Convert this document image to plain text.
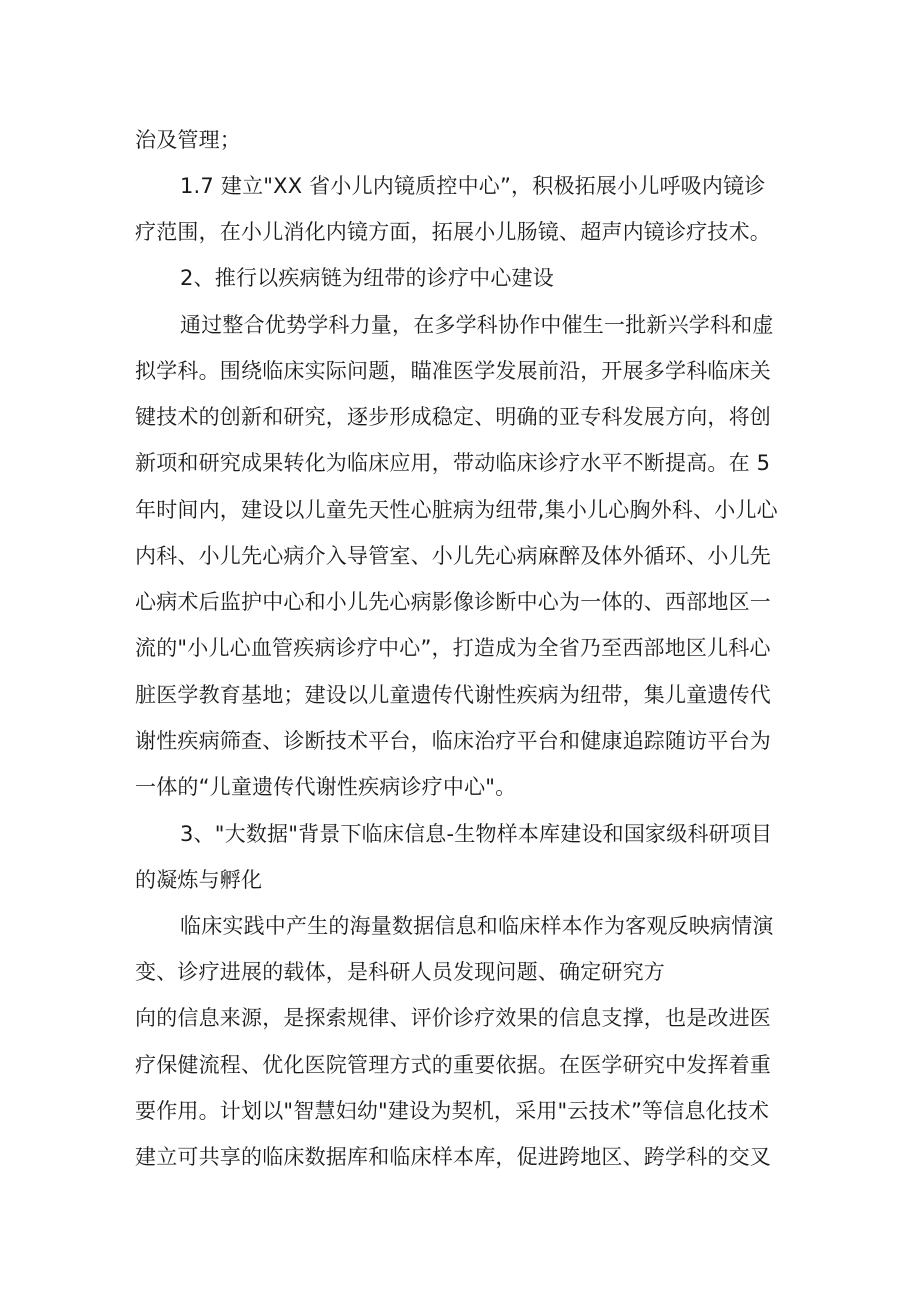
治及管理；
1.7 建立"XX 省小儿内镜质控中心”，积极拓展小儿呼吸内镜诊
疗范围，在小儿消化内镜方面，拓展小儿肠镜、超声内镜诊疗技术。
2、推行以疾病链为纽带的诊疗中心建设
通过整合优势学科力量，在多学科协作中催生一批新兴学科和虚
拟学科。围绕临床实际问题，瞄准医学发展前沿，开展多学科临床关
键技术的创新和研究，逐步形成稳定、明确的亚专科发展方向，将创
新项和研究成果转化为临床应用，带动临床诊疗水平不断提高。在 5
年时间内，建设以儿童先天性心脏病为纽带,集小儿心胸外科、小儿心
内科、小儿先心病介入导管室、小儿先心病麻醉及体外循环、小儿先
心病术后监护中心和小儿先心病影像诊断中心为一体的、西部地区一
流的"小儿心血管疾病诊疗中心”，打造成为全省乃至西部地区儿科心
脏医学教育基地；建设以儿童遗传代谢性疾病为纽带，集儿童遗传代
谢性疾病筛查、诊断技术平台，临床治疗平台和健康追踪随访平台为
一体的“儿童遗传代谢性疾病诊疗中心"。
3、"大数据"背景下临床信息-生物样本库建设和国家级科研项目
的凝炼与孵化
临床实践中产生的海量数据信息和临床样本作为客观反映病情演
变、诊疗进展的载体，是科研人员发现问题、确定研究方
向的信息来源，是探索规律、评价诊疗效果的信息支撑，也是改进医
疗保健流程、优化医院管理方式的重要依据。在医学研究中发挥着重
要作用。计划以"智慧妇幼"建设为契机，采用"云技术”等信息化技术
建立可共享的临床数据库和临床样本库，促进跨地区、跨学科的交叉
